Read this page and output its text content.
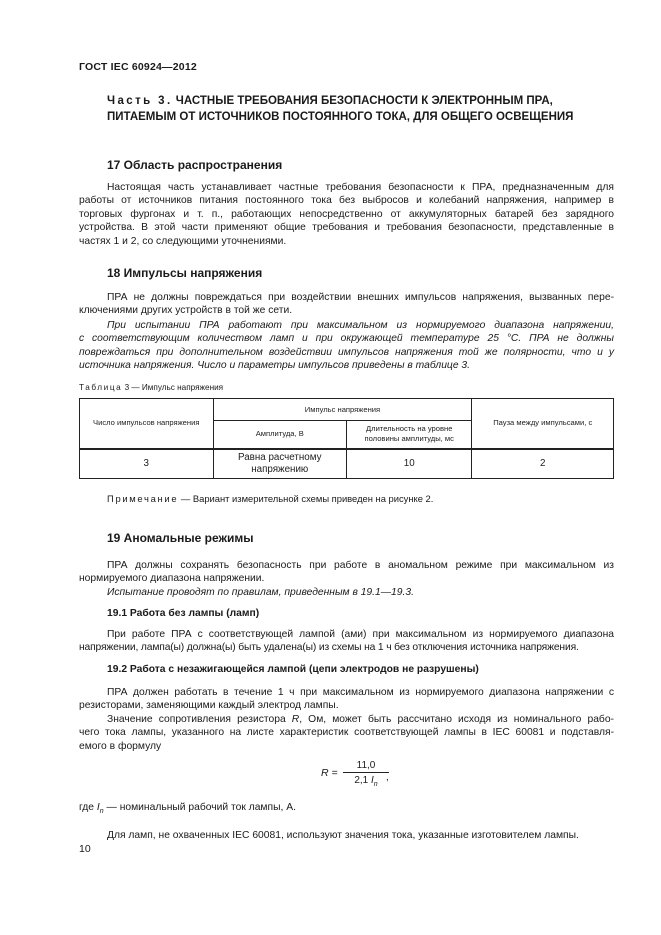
ГОСТ IEC 60924—2012
Часть 3. ЧАСТНЫЕ ТРЕБОВАНИЯ БЕЗОПАСНОСТИ К ЭЛЕКТРОННЫМ ПРА, ПИТАЕМЫМ ОТ ИСТОЧНИКОВ ПОСТОЯННОГО ТОКА, ДЛЯ ОБЩЕГО ОСВЕЩЕНИЯ
17 Область распространения
Настоящая часть устанавливает частные требования безопасности к ПРА, предназначенным для
работы от источников питания постоянного тока без выбросов и колебаний напряжения, например в
торговых фургонах и т. п., работающих непосредственно от аккумуляторных батарей без зарядного
устройства. В этой части применяют общие требования и требования безопасности, представленные в
частях 1 и 2, со следующими уточнениями.
18 Импульсы напряжения
ПРА не должны повреждаться при воздействии внешних импульсов напряжения, вызванных пере-
ключениями других устройств в той же сети.
При испытании ПРА работают при максимальном из нормируемого диапазона напряжении,
с соответствующим количеством ламп и при окружающей температуре 25 °С. ПРА не должны
повреждаться при дополнительном воздействии импульсов напряжения той же полярности, что и у
источника напряжения. Число и параметры импульсов приведены в таблице 3.
Таблица 3 — Импульс напряжения
Число импульсов напряжения	Импульс напряжения		Пауза между импульсами, с
	Амплитуда, В	Длительность на уровне половины амплитуды, мс	
3	Равна расчетному напряжению	10	2
Примечание — Вариант измерительной схемы приведен на рисунке 2.
19 Аномальные режимы
ПРА должны сохранять безопасность при работе в аномальном режиме при максимальном из
нормируемого диапазона напряжении.
Испытание проводят по правилам, приведенным в 19.1—19.3.
19.1 Работа без лампы (ламп)
При работе ПРА с соответствующей лампой (ами) при максимальном из нормируемого диапазона
напряжении, лампа(ы) должна(ы) быть удалена(ы) из схемы на 1 ч без отключения источника напряжения.
19.2 Работа с незажигающейся лампой (цепи электродов не разрушены)
ПРА должен работать в течение 1 ч при максимальном из нормируемого диапазона напряжении с
резисторами, заменяющими каждый электрод лампы.
Значение сопротивления резистора R, Ом, может быть рассчитано исходя из номинального рабо-
чего тока лампы, указанного на листе характеристик соответствующей лампы в IEC 60081 и подставля-
емого в формулу
R =
11,0
2,1 $I_n$
,
где $I_n$ — номинальный рабочий ток лампы, А.
Для ламп, не охваченных IEC 60081, используют значения тока, указанные изготовителем лампы.
10
